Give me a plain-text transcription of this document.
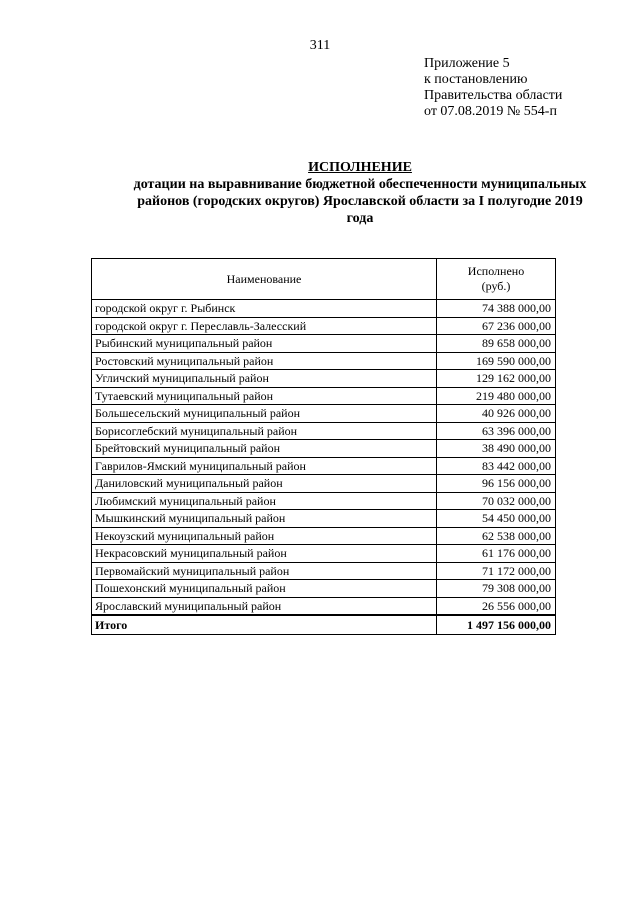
311
Приложение 5
к постановлению
Правительства области
от 07.08.2019 № 554-п
ИСПОЛНЕНИЕ
дотации на выравнивание бюджетной обеспеченности муниципальных
районов (городских округов) Ярославской области за I полугодие 2019
года
Наименование	Исполнено
(руб.)

городской округ г. Рыбинск	74 388 000,00
городской округ г. Переславль-Залесский	67 236 000,00
Рыбинский муниципальный район	89 658 000,00
Ростовский муниципальный район	169 590 000,00
Угличский муниципальный район	129 162 000,00
Тутаевский муниципальный район	219 480 000,00
Большесельский муниципальный район	40 926 000,00
Борисоглебский муниципальный район	63 396 000,00
Брейтовский муниципальный район	38 490 000,00
Гаврилов-Ямский муниципальный район	83 442 000,00
Даниловский муниципальный район	96 156 000,00
Любимский муниципальный район	70 032 000,00
Мышкинский муниципальный район	54 450 000,00
Некоузский муниципальный район	62 538 000,00
Некрасовский муниципальный район	61 176 000,00
Первомайский муниципальный район	71 172 000,00
Пошехонский муниципальный район	79 308 000,00
Ярославский муниципальный район	26 556 000,00
Итого	1 497 156 000,00
